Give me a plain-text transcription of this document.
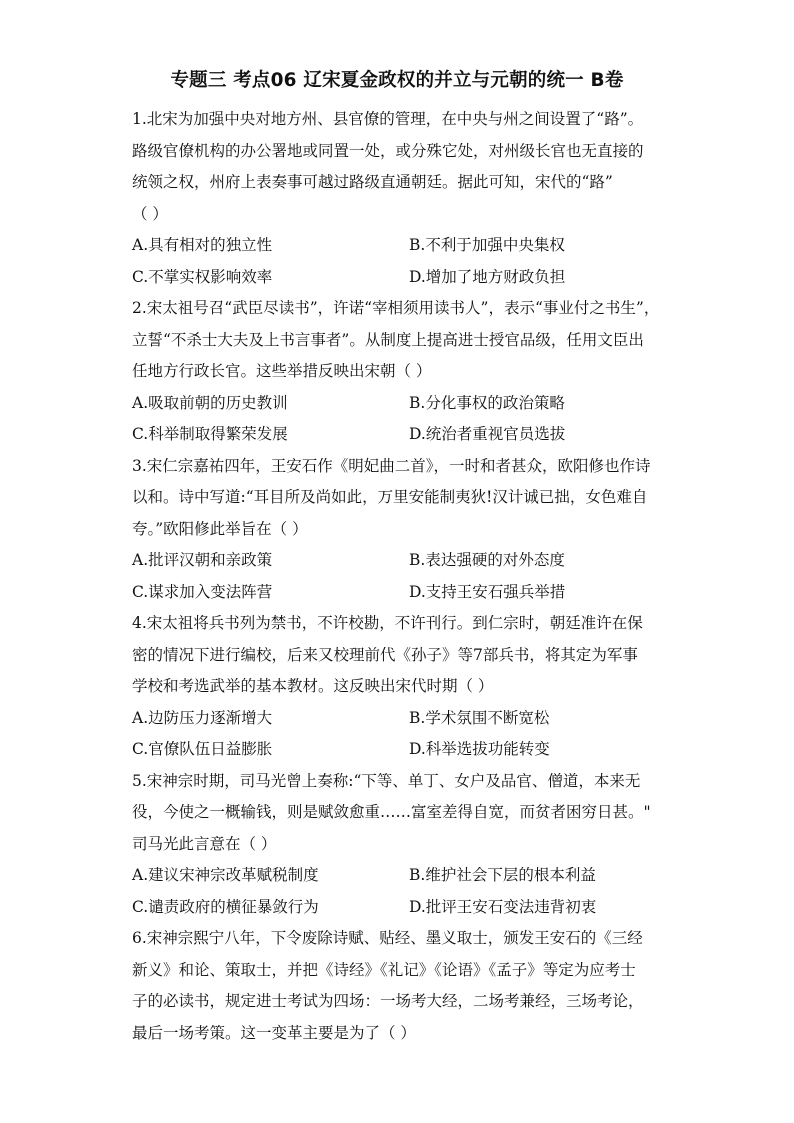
专题三 考点06 辽宋夏金政权的并立与元朝的统一 B卷
1.北宋为加强中央对地方州、县官僚的管理，在中央与州之间设置了“路”。
路级官僚机构的办公署地或同置一处，或分殊它处，对州级长官也无直接的
统领之权，州府上表奏事可越过路级直通朝廷。据此可知，宋代的“路”
（ ）
A.具有相对的独立性	B.不利于加强中央集权
C.不掌实权影响效率	D.增加了地方财政负担
2.宋太祖号召“武臣尽读书”，许诺“宰相须用读书人”，表示“事业付之书生”，
立誓“不杀士大夫及上书言事者”。从制度上提高进士授官品级，任用文臣出
任地方行政长官。这些举措反映出宋朝（ ）
A.吸取前朝的历史教训	B.分化事权的政治策略
C.科举制取得繁荣发展	D.统治者重视官员选拔
3.宋仁宗嘉祐四年，王安石作《明妃曲二首》，一时和者甚众，欧阳修也作诗
以和。诗中写道:“耳目所及尚如此，万里安能制夷狄!汉计诚已拙，女色难自
夸。”欧阳修此举旨在（ ）
A.批评汉朝和亲政策	B.表达强硬的对外态度
C.谋求加入变法阵营	D.支持王安石强兵举措
4.宋太祖将兵书列为禁书，不许校勘，不许刊行。到仁宗时，朝廷准许在保
密的情况下进行编校，后来又校理前代《孙子》等7部兵书，将其定为军事
学校和考选武举的基本教材。这反映出宋代时期（ ）
A.边防压力逐渐增大	B.学术氛围不断宽松
C.官僚队伍日益膨胀	D.科举选拔功能转变
5.宋神宗时期，司马光曾上奏称:“下等、单丁、女户及品官、僧道，本来无
役，今使之一概输钱，则是赋敛愈重……富室差得自宽，而贫者困穷日甚。"
司马光此言意在（ ）
A.建议宋神宗改革赋税制度	B.维护社会下层的根本利益
C.谴责政府的横征暴敛行为	D.批评王安石变法违背初衷
6.宋神宗熙宁八年，下令废除诗赋、贴经、墨义取士，颁发王安石的《三经
新义》和论、策取士，并把《诗经》《礼记》《论语》《孟子》等定为应考士
子的必读书，规定进士考试为四场：一场考大经，二场考兼经，三场考论，
最后一场考策。这一变革主要是为了（ ）
